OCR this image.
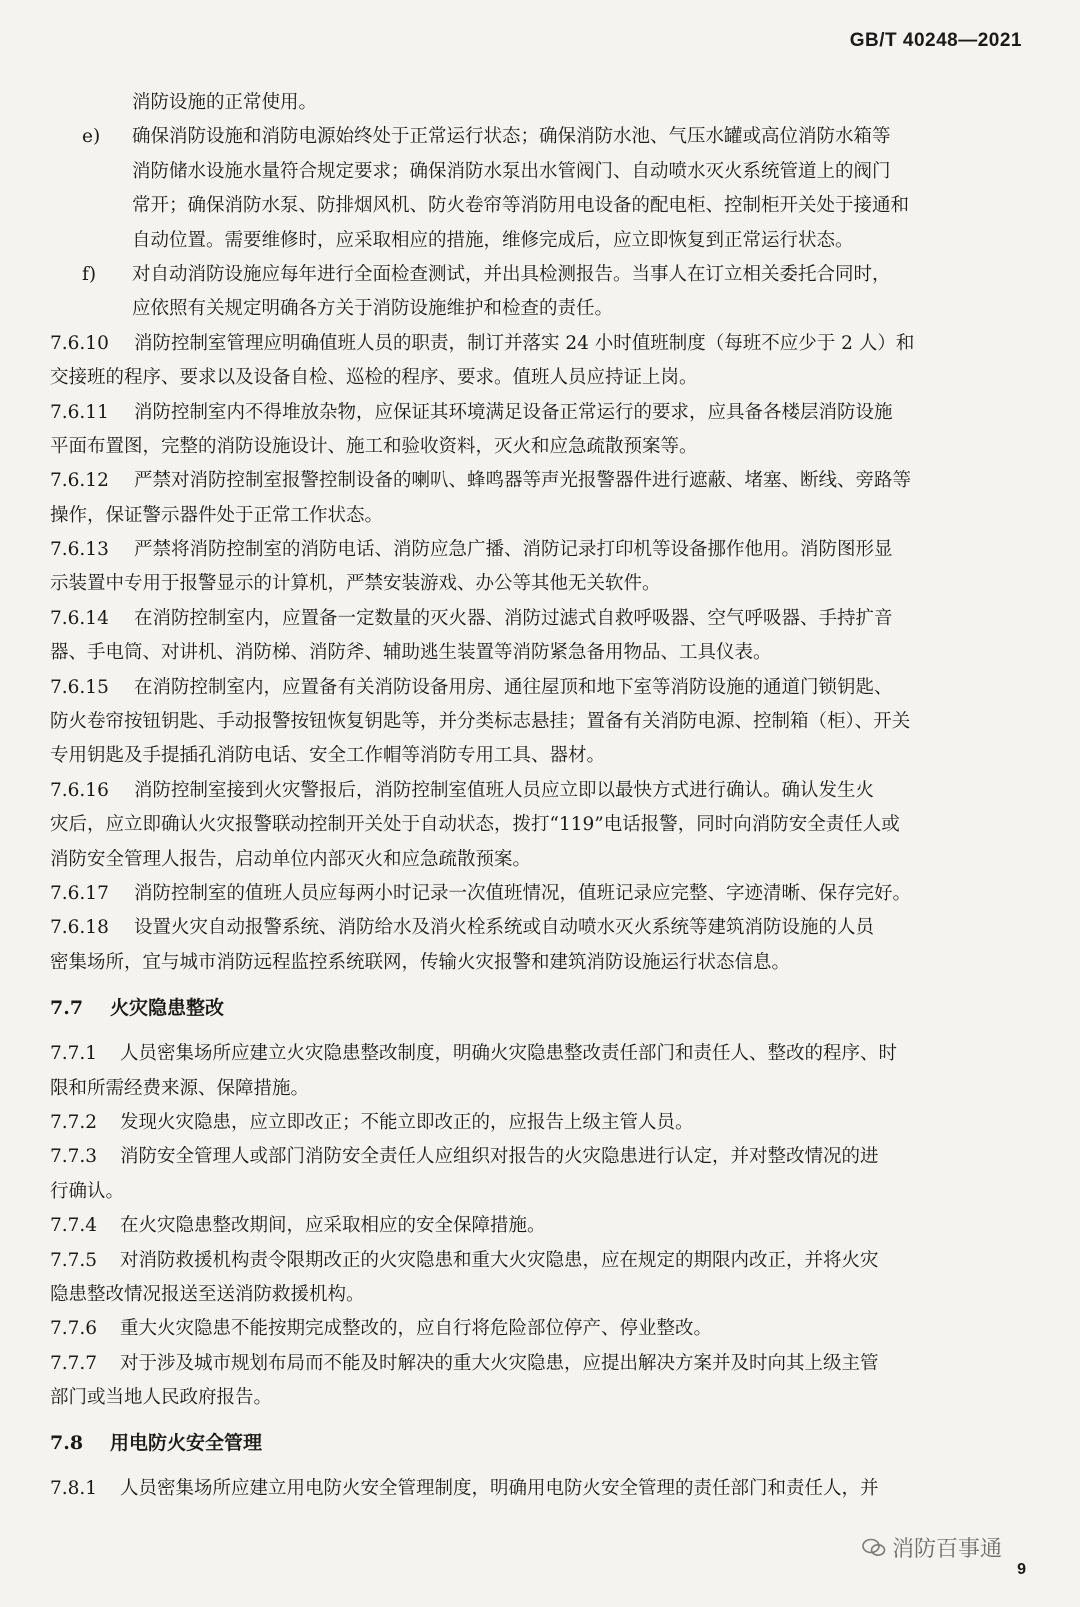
GB/T 40248—2021
消防设施的正常使用。
e) 确保消防设施和消防电源始终处于正常运行状态；确保消防水池、气压水罐或高位消防水箱等
消防储水设施水量符合规定要求；确保消防水泵出水管阀门、自动喷水灭火系统管道上的阀门
常开；确保消防水泵、防排烟风机、防火卷帘等消防用电设备的配电柜、控制柜开关处于接通和
自动位置。需要维修时，应采取相应的措施，维修完成后，应立即恢复到正常运行状态。
f) 对自动消防设施应每年进行全面检查测试，并出具检测报告。当事人在订立相关委托合同时，
应依照有关规定明确各方关于消防设施维护和检查的责任。
7.6.10 消防控制室管理应明确值班人员的职责，制订并落实 24 小时值班制度（每班不应少于 2 人）和
交接班的程序、要求以及设备自检、巡检的程序、要求。值班人员应持证上岗。
7.6.11 消防控制室内不得堆放杂物，应保证其环境满足设备正常运行的要求，应具备各楼层消防设施
平面布置图，完整的消防设施设计、施工和验收资料，灭火和应急疏散预案等。
7.6.12 严禁对消防控制室报警控制设备的喇叭、蜂鸣器等声光报警器件进行遮蔽、堵塞、断线、旁路等
操作，保证警示器件处于正常工作状态。
7.6.13 严禁将消防控制室的消防电话、消防应急广播、消防记录打印机等设备挪作他用。消防图形显
示装置中专用于报警显示的计算机，严禁安装游戏、办公等其他无关软件。
7.6.14 在消防控制室内，应置备一定数量的灭火器、消防过滤式自救呼吸器、空气呼吸器、手持扩音
器、手电筒、对讲机、消防梯、消防斧、辅助逃生装置等消防紧急备用物品、工具仪表。
7.6.15 在消防控制室内，应置备有关消防设备用房、通往屋顶和地下室等消防设施的通道门锁钥匙、
防火卷帘按钮钥匙、手动报警按钮恢复钥匙等，并分类标志悬挂；置备有关消防电源、控制箱（柜）、开关
专用钥匙及手提插孔消防电话、安全工作帽等消防专用工具、器材。
7.6.16 消防控制室接到火灾警报后，消防控制室值班人员应立即以最快方式进行确认。确认发生火
灾后，应立即确认火灾报警联动控制开关处于自动状态，拨打“119”电话报警，同时向消防安全责任人或
消防安全管理人报告，启动单位内部灭火和应急疏散预案。
7.6.17 消防控制室的值班人员应每两小时记录一次值班情况，值班记录应完整、字迹清晰、保存完好。
7.6.18 设置火灾自动报警系统、消防给水及消火栓系统或自动喷水灭火系统等建筑消防设施的人员
密集场所，宜与城市消防远程监控系统联网，传输火灾报警和建筑消防设施运行状态信息。
7.7 火灾隐患整改
7.7.1 人员密集场所应建立火灾隐患整改制度，明确火灾隐患整改责任部门和责任人、整改的程序、时
限和所需经费来源、保障措施。
7.7.2 发现火灾隐患，应立即改正；不能立即改正的，应报告上级主管人员。
7.7.3 消防安全管理人或部门消防安全责任人应组织对报告的火灾隐患进行认定，并对整改情况的进
行确认。
7.7.4 在火灾隐患整改期间，应采取相应的安全保障措施。
7.7.5 对消防救援机构责令限期改正的火灾隐患和重大火灾隐患，应在规定的期限内改正，并将火灾
隐患整改情况报送至送消防救援机构。
7.7.6 重大火灾隐患不能按期完成整改的，应自行将危险部位停产、停业整改。
7.7.7 对于涉及城市规划布局而不能及时解决的重大火灾隐患，应提出解决方案并及时向其上级主管
部门或当地人民政府报告。
7.8 用电防火安全管理
7.8.1 人员密集场所应建立用电防火安全管理制度，明确用电防火安全管理的责任部门和责任人，并
消防百事通
9
